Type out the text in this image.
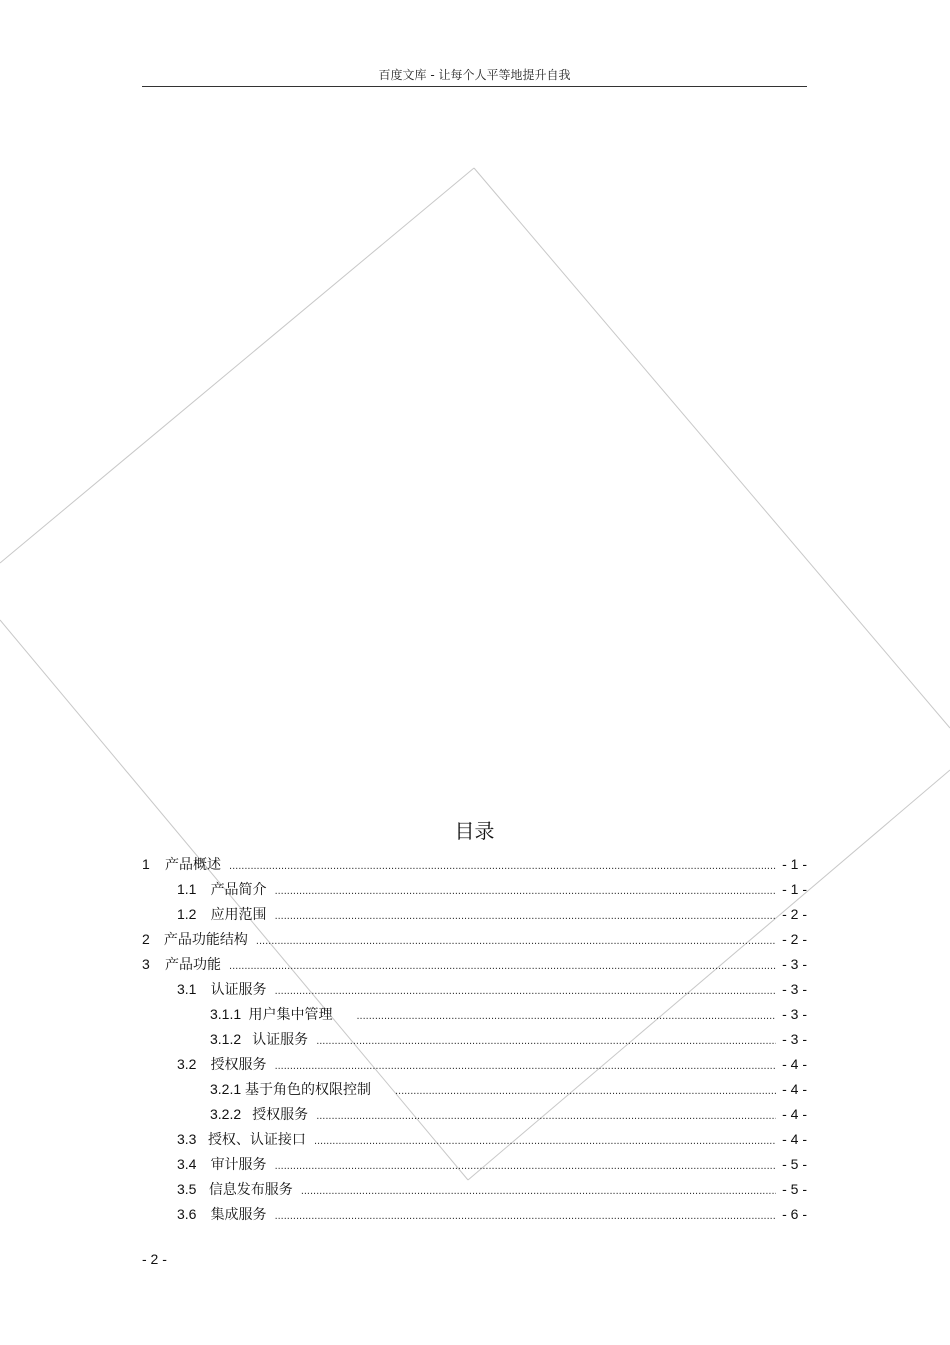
百度文库 - 让每个人平等地提升自我
目录
1	产品概述 .....	- 1 -
1.1	产品简介 .....	- 1 -
1.2	应用范围 .....	- 2 -
2	产品功能结构 .....	- 2 -
3	产品功能 .....	- 3 -
3.1	认证服务 .....	- 3 -
3.1.1 用户集中管理 .....	- 3 -
3.1.2 认证服务 .....	- 3 -
3.2	授权服务 .....	- 4 -
3.2.1 基于角色的权限控制 .....	- 4 -
3.2.2 授权服务 .....	- 4 -
3.3 授权、认证接口 .....	- 4 -
3.4	审计服务 .....	- 5 -
3.5 信息发布服务 .....	- 5 -
3.6	集成服务 .....	- 6 -
- 2 -
